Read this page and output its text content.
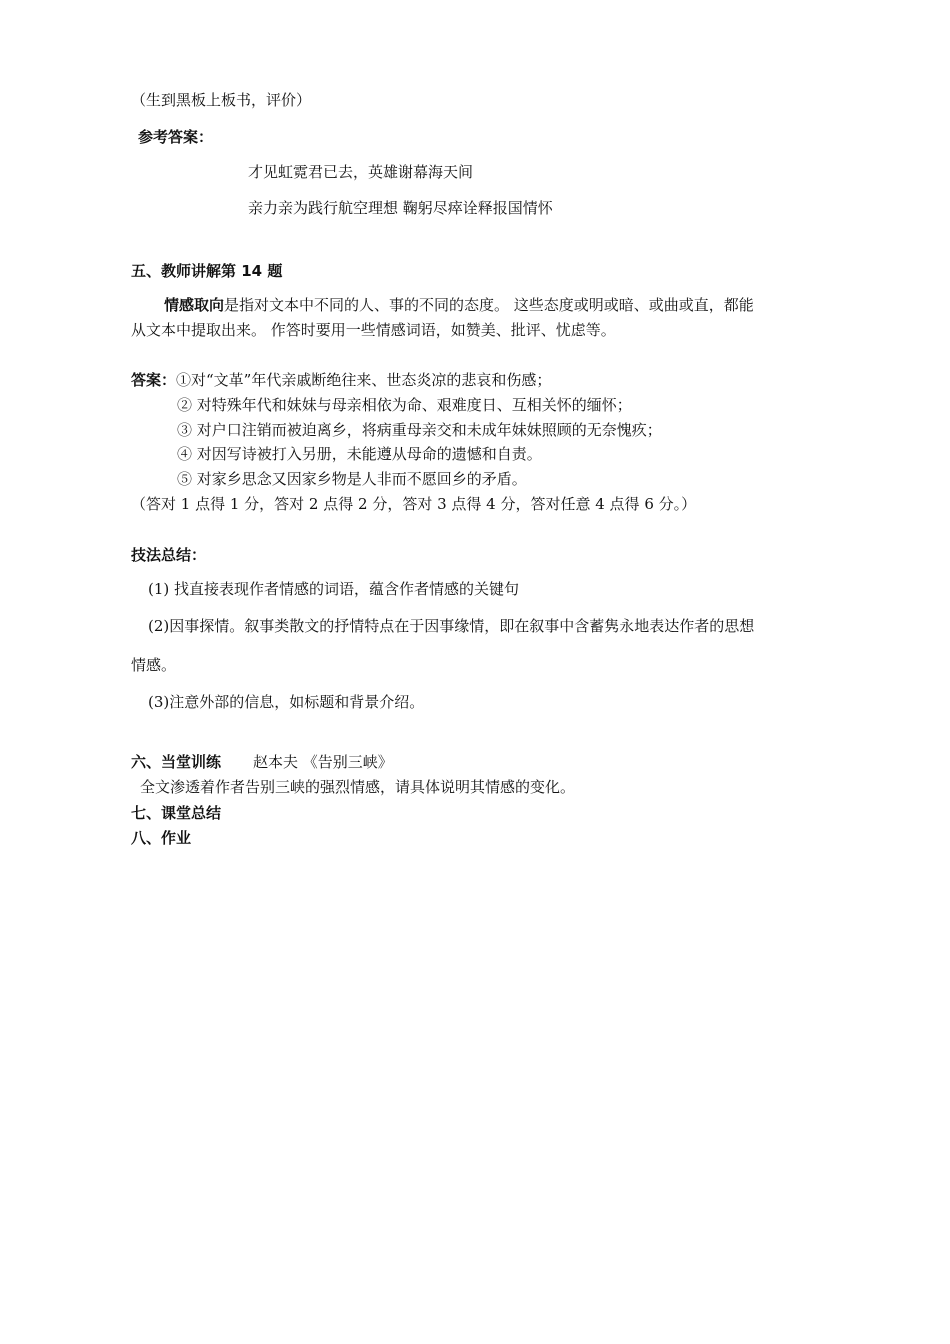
（生到黑板上板书，评价）
参考答案：
才见虹霓君已去，英雄谢幕海天间
亲力亲为践行航空理想 鞠躬尽瘁诠释报国情怀
五、教师讲解第 14 题
情感取向是指对文本中不同的人、事的不同的态度。 这些态度或明或暗、或曲或直，都能
从文本中提取出来。 作答时要用一些情感词语，如赞美、批评、忧虑等。
答案：①对“文革”年代亲戚断绝往来、世态炎凉的悲哀和伤感；
② 对特殊年代和妹妹与母亲相依为命、艰难度日、互相关怀的缅怀；
③ 对户口注销而被迫离乡，将病重母亲交和未成年妹妹照顾的无奈愧疚；
④ 对因写诗被打入另册，未能遵从母命的遗憾和自责。
⑤ 对家乡思念又因家乡物是人非而不愿回乡的矛盾。
（答对 1 点得 1 分，答对 2 点得 2 分，答对 3 点得 4 分，答对任意 4 点得 6 分。）
技法总结：
(1) 找直接表现作者情感的词语，蕴含作者情感的关键句
(2)因事探情。叙事类散文的抒情特点在于因事缘情，即在叙事中含蓄隽永地表达作者的思想
情感。
(3)注意外部的信息，如标题和背景介绍。
六、当堂训练 赵本夫 《告别三峡》
全文渗透着作者告别三峡的强烈情感，请具体说明其情感的变化。
七、课堂总结
八、作业
